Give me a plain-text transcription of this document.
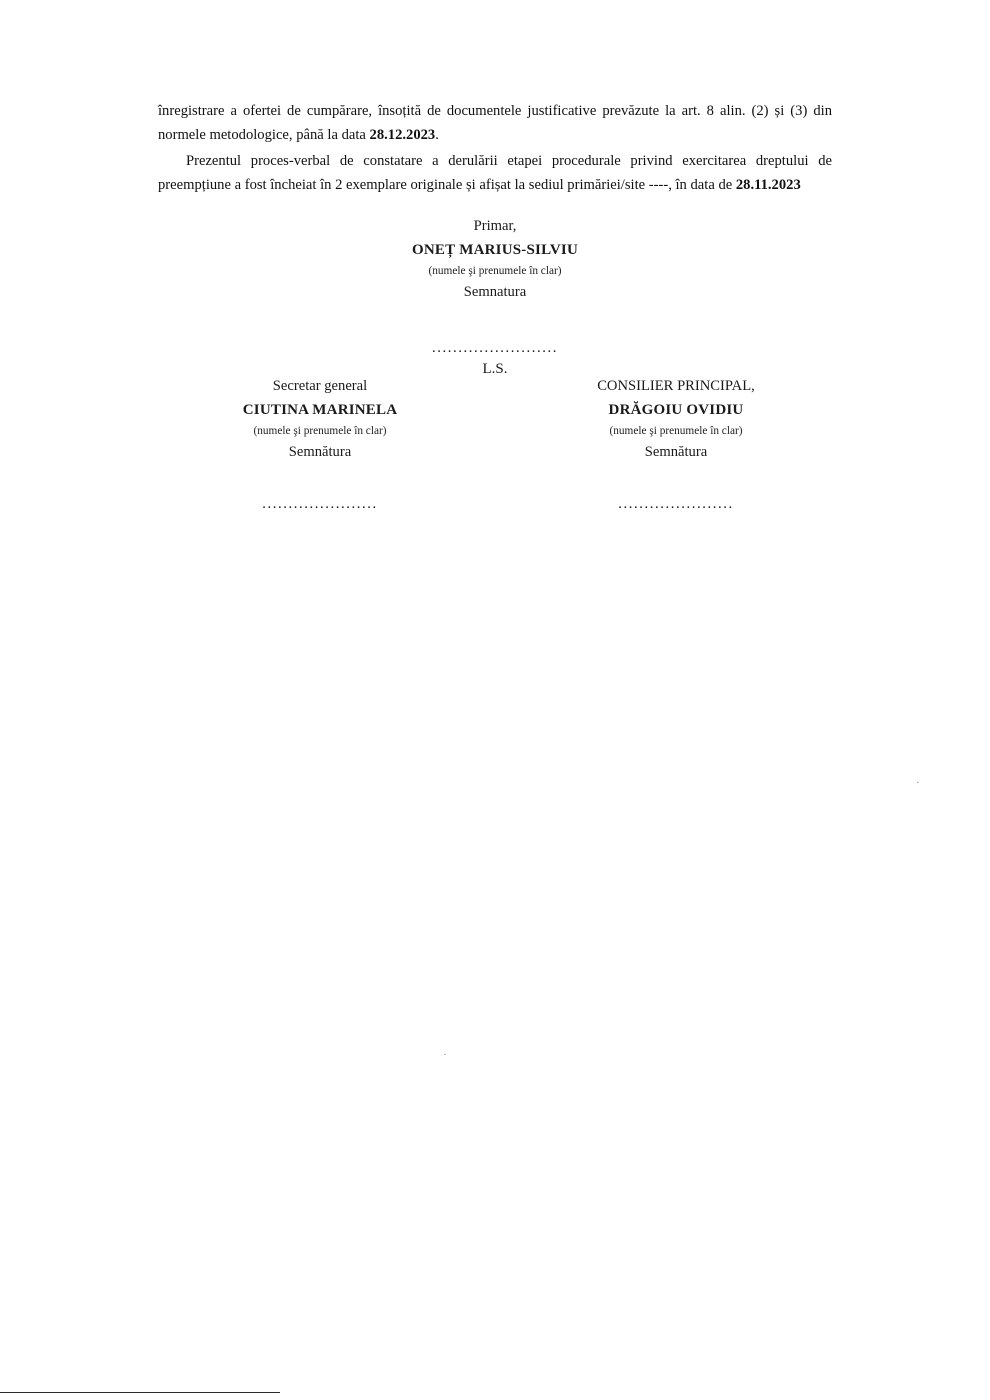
înregistrare a ofertei de cumpărare, însoțită de documentele justificative prevăzute la art. 8 alin. (2) și (3) din normele metodologice, până la data 28.12.2023.

Prezentul proces-verbal de constatare a derulării etapei procedurale privind exercitarea dreptului de preempțiune a fost încheiat în 2 exemplare originale și afișat la sediul primăriei/site ----, în data de 28.11.2023

Primar,
ONEȚ MARIUS-SILVIU
(numele şi prenumele în clar)
Semnatura
........................
L.S.
Secretar general
CIUTINA MARINELA
(numele şi prenumele în clar)
Semnătura
......................
CONSILIER PRINCIPAL,
DRĂGOIU OVIDIU
(numele şi prenumele în clar)
Semnătura
......................
·
·
